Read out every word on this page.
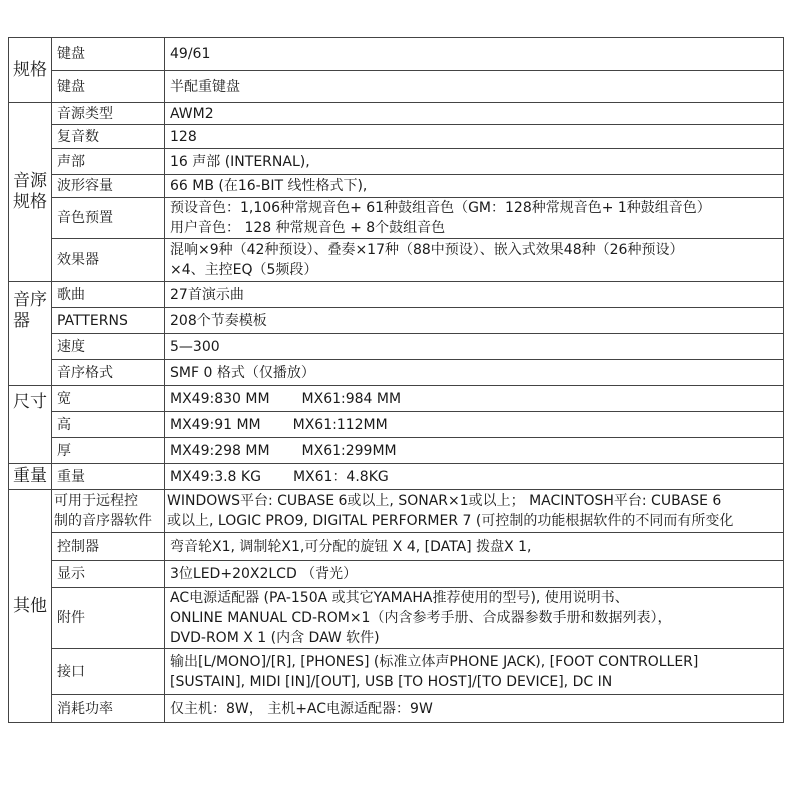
规格	键盘	49/61

	键盘	半配重键盘

音源
规格	音源类型	AWM2

	复音数	128

	声部	16 声部 (INTERNAL),

	波形容量	66 MB (在16-BIT 线性格式下),

	音色预置	预设音色：1,106种常规音色+ 61种鼓组音色（GM：128种常规音色+ 1种鼓组音色）
用户音色： 128 种常规音色 + 8个鼓组音色

	效果器	混响×9种（42种预设）、叠奏×17种（88中预设）、嵌入式效果48种（26种预设）
×4、主控EQ（5频段）

音序
器	歌曲	27首演示曲

	PATTERNS	208个节奏模板

	速度	5—300

	音序格式	SMF 0 格式（仅播放）

尺寸	宽	MX49:830 MM MX61:984 MM

	高	MX49:91 MM MX61:112MM

	厚	MX49:298 MM MX61:299MM

重量	重量	MX49:3.8 KG MX61：4.8KG

其他	可用于远程控
制的音序器软件	WINDOWS平台: CUBASE 6或以上, SONAR×1或以上； MACINTOSH平台: CUBASE 6
或以上, LOGIC PRO9, DIGITAL PERFORMER 7 (可控制的功能根据软件的不同而有所变化

	控制器	弯音轮X1, 调制轮X1,可分配的旋钮 X 4, [DATA] 拨盘X 1,

	显示	3位LED+20X2LCD （背光）

	附件	AC电源适配器 (PA-150A 或其它YAMAHA推荐使用的型号), 使用说明书、
ONLINE MANUAL CD-ROM×1（内含参考手册、合成器参数手册和数据列表），
DVD-ROM X 1 (内含 DAW 软件)

	接口	输出[L/MONO]/[R], [PHONES] (标准立体声PHONE JACK), [FOOT CONTROLLER]
[SUSTAIN], MIDI [IN]/[OUT], USB [TO HOST]/[TO DEVICE], DC IN

	消耗功率	仅主机：8W， 主机+AC电源适配器：9W
